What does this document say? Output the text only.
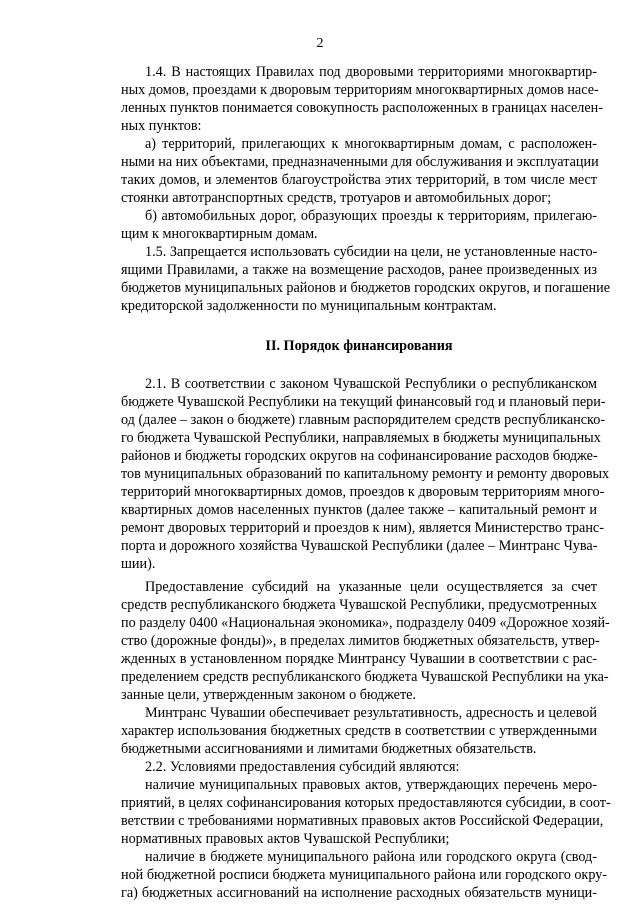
2
1.4. В настоящих Правилах под дворовыми территориями многоквартир-
ных домов, проездами к дворовым территориям многоквартирных домов насе-
ленных пунктов понимается совокупность расположенных в границах населен-
ных пунктов:
а) территорий, прилегающих к многоквартирным домам, с расположен-
ными на них объектами, предназначенными для обслуживания и эксплуатации
таких домов, и элементов благоустройства этих территорий, в том числе мест
стоянки автотранспортных средств, тротуаров и автомобильных дорог;
б) автомобильных дорог, образующих проезды к территориям, прилегаю-
щим к многоквартирным домам.
1.5. Запрещается использовать субсидии на цели, не установленные насто-
ящими Правилами, а также на возмещение расходов, ранее произведенных из
бюджетов муниципальных районов и бюджетов городских округов, и погашение
кредиторской задолженности по муниципальным контрактам.
II. Порядок финансирования
2.1. В соответствии с законом Чувашской Республики о республиканском
бюджете Чувашской Республики на текущий финансовый год и плановый пери-
од (далее – закон о бюджете) главным распорядителем средств республиканско-
го бюджета Чувашской Республики, направляемых в бюджеты муниципальных
районов и бюджеты городских округов на софинансирование расходов бюдже-
тов муниципальных образований по капитальному ремонту и ремонту дворовых
территорий многоквартирных домов, проездов к дворовым территориям много-
квартирных домов населенных пунктов (далее также – капитальный ремонт и
ремонт дворовых территорий и проездов к ним), является Министерство транс-
порта и дорожного хозяйства Чувашской Республики (далее – Минтранс Чува-
шии).
Предоставление субсидий на указанные цели осуществляется за счет
средств республиканского бюджета Чувашской Республики, предусмотренных
по разделу 0400 «Национальная экономика», подразделу 0409 «Дорожное хозяй-
ство (дорожные фонды)», в пределах лимитов бюджетных обязательств, утвер-
жденных в установленном порядке Минтрансу Чувашии в соответствии с рас-
пределением средств республиканского бюджета Чувашской Республики на ука-
занные цели, утвержденным законом о бюджете.
Минтранс Чувашии обеспечивает результативность, адресность и целевой
характер использования бюджетных средств в соответствии с утвержденными
бюджетными ассигнованиями и лимитами бюджетных обязательств.
2.2. Условиями предоставления субсидий являются:
наличие муниципальных правовых актов, утверждающих перечень меро-
приятий, в целях софинансирования которых предоставляются субсидии, в соот-
ветствии с требованиями нормативных правовых актов Российской Федерации,
нормативных правовых актов Чувашской Республики;
наличие в бюджете муниципального района или городского округа (свод-
ной бюджетной росписи бюджета муниципального района или городского окру-
га) бюджетных ассигнований на исполнение расходных обязательств муници-
